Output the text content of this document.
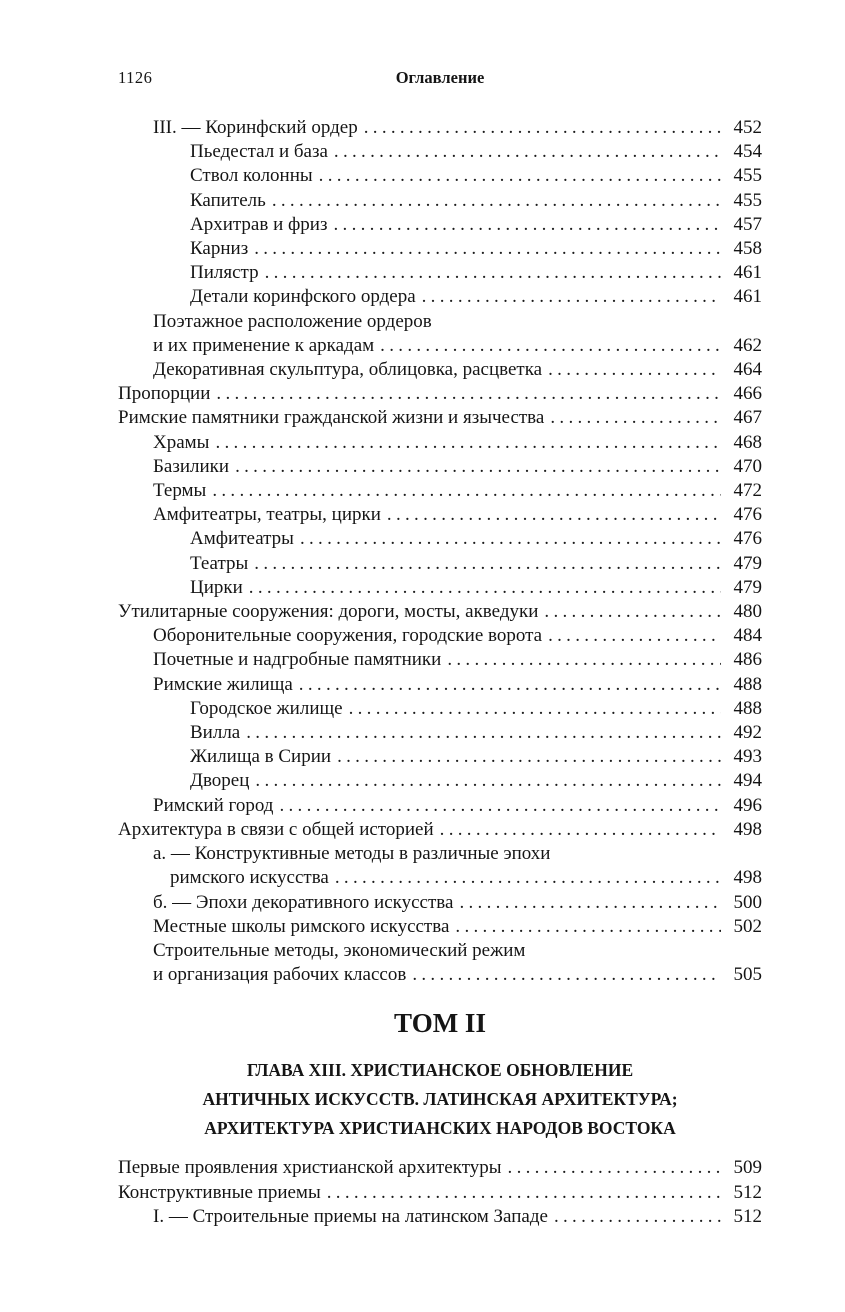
1126	Оглавление
III. — Коринфский ордер .....	452
Пьедестал и база .....	454
Ствол колонны .....	455
Капитель .....	455
Архитрав и фриз .....	457
Карниз .....	458
Пилястр .....	461
Детали коринфского ордера .....	461
Поэтажное расположение ордеров
и их применение к аркадам .....	462
Декоративная скульптура, облицовка, расцветка .....	464
Пропорции .....	466
Римские памятники гражданской жизни и язычества .....	467
Храмы .....	468
Базилики .....	470
Термы .....	472
Амфитеатры, театры, цирки .....	476
Амфитеатры .....	476
Театры .....	479
Цирки .....	479
Утилитарные сооружения: дороги, мосты, акведуки .....	480
Оборонительные сооружения, городские ворота .....	484
Почетные и надгробные памятники .....	486
Римские жилища .....	488
Городское жилище .....	488
Вилла .....	492
Жилища в Сирии .....	493
Дворец .....	494
Римский город .....	496
Архитектура в связи с общей историей .....	498
а. — Конструктивные методы в различные эпохи
римского искусства .....	498
б. — Эпохи декоративного искусства .....	500
Местные школы римского искусства .....	502
Строительные методы, экономический режим
и организация рабочих классов .....	505
ТОМ II
ГЛАВА XIII. ХРИСТИАНСКОЕ ОБНОВЛЕНИЕ
АНТИЧНЫХ ИСКУССТВ. ЛАТИНСКАЯ АРХИТЕКТУРА;
АРХИТЕКТУРА ХРИСТИАНСКИХ НАРОДОВ ВОСТОКА
Первые проявления христианской архитектуры .....	509
Конструктивные приемы .....	512
I. — Строительные приемы на латинском Западе .....	512
